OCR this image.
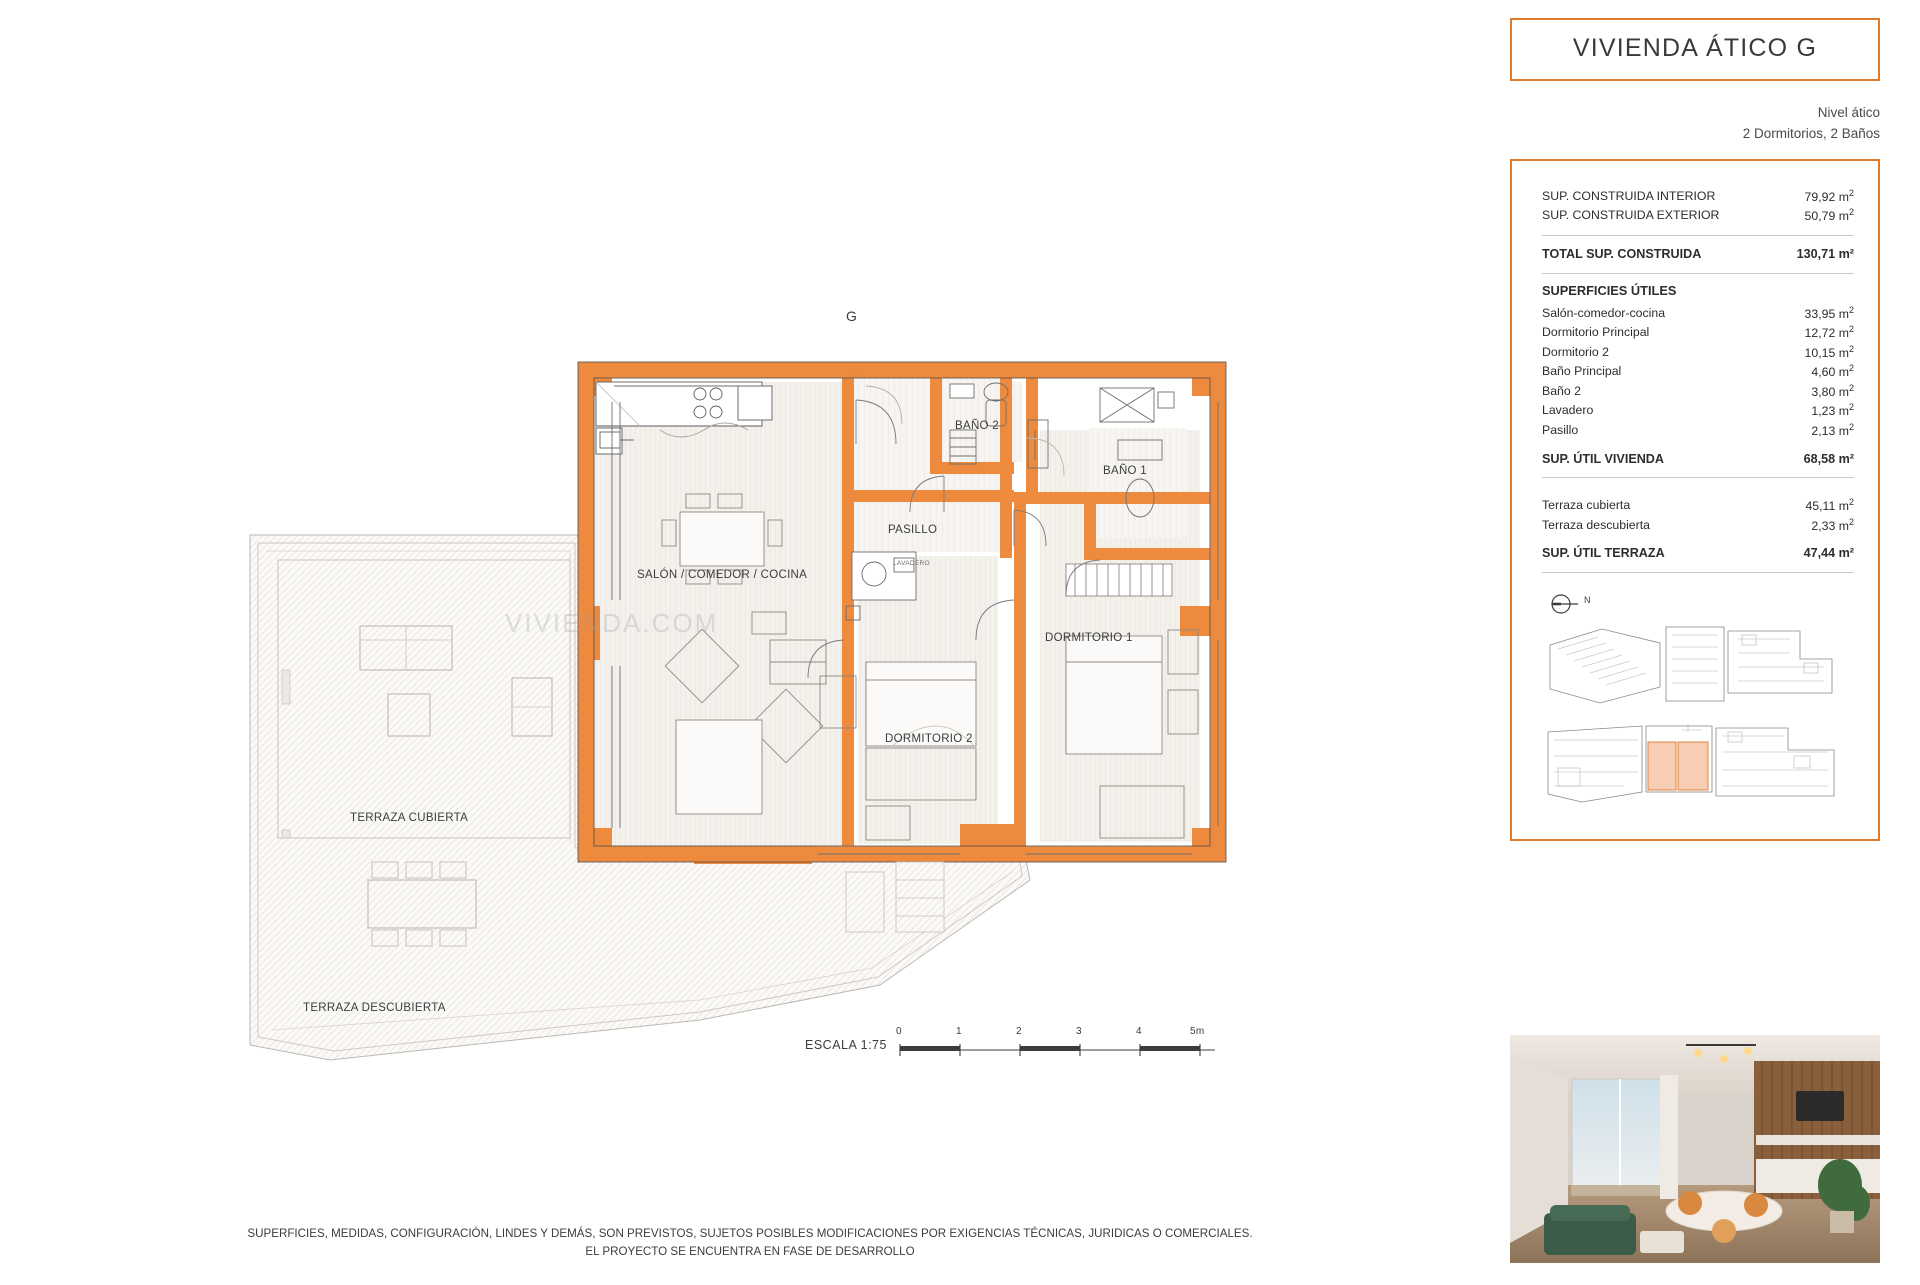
G
SALÓN / COMEDOR / COCINA
BAÑO 2
BAÑO 1
PASILLO
DORMITORIO 1
DORMITORIO 2
TERRAZA CUBIERTA
TERRAZA DESCUBIERTA
LAVADERO
VIVIENDA.COM
ESCALA 1:75
0	1	2	3	4	5m
SUPERFICIES, MEDIDAS, CONFIGURACIÓN, LINDES Y DEMÁS, SON PREVISTOS, SUJETOS POSIBLES MODIFICACIONES POR EXIGENCIAS TÉCNICAS, JURIDICAS O COMERCIALES.
EL PROYECTO SE ENCUENTRA EN FASE DE DESARROLLO
VIVIENDA ÁTICO G
Nivel ático
2 Dormitorios, 2 Baños
SUP. CONSTRUIDA INTERIOR	79,92 $m^2$
SUP. CONSTRUIDA EXTERIOR	50,79 $m^2$
TOTAL SUP. CONSTRUIDA	130,71 m²
SUPERFICIES ÚTILES
Salón-comedor-cocina	33,95 $m^2$
Dormitorio Principal	12,72 $m^2$
Dormitorio 2	10,15 $m^2$
Baño Principal	4,60 $m^2$
Baño 2	3,80 $m^2$
Lavadero	1,23 $m^2$
Pasillo	2,13 $m^2$
SUP. ÚTIL VIVIENDA	68,58 m²
Terraza cubierta	45,11 $m^2$
Terraza descubierta	2,33 $m^2$
SUP. ÚTIL TERRAZA	47,44 m²
N
